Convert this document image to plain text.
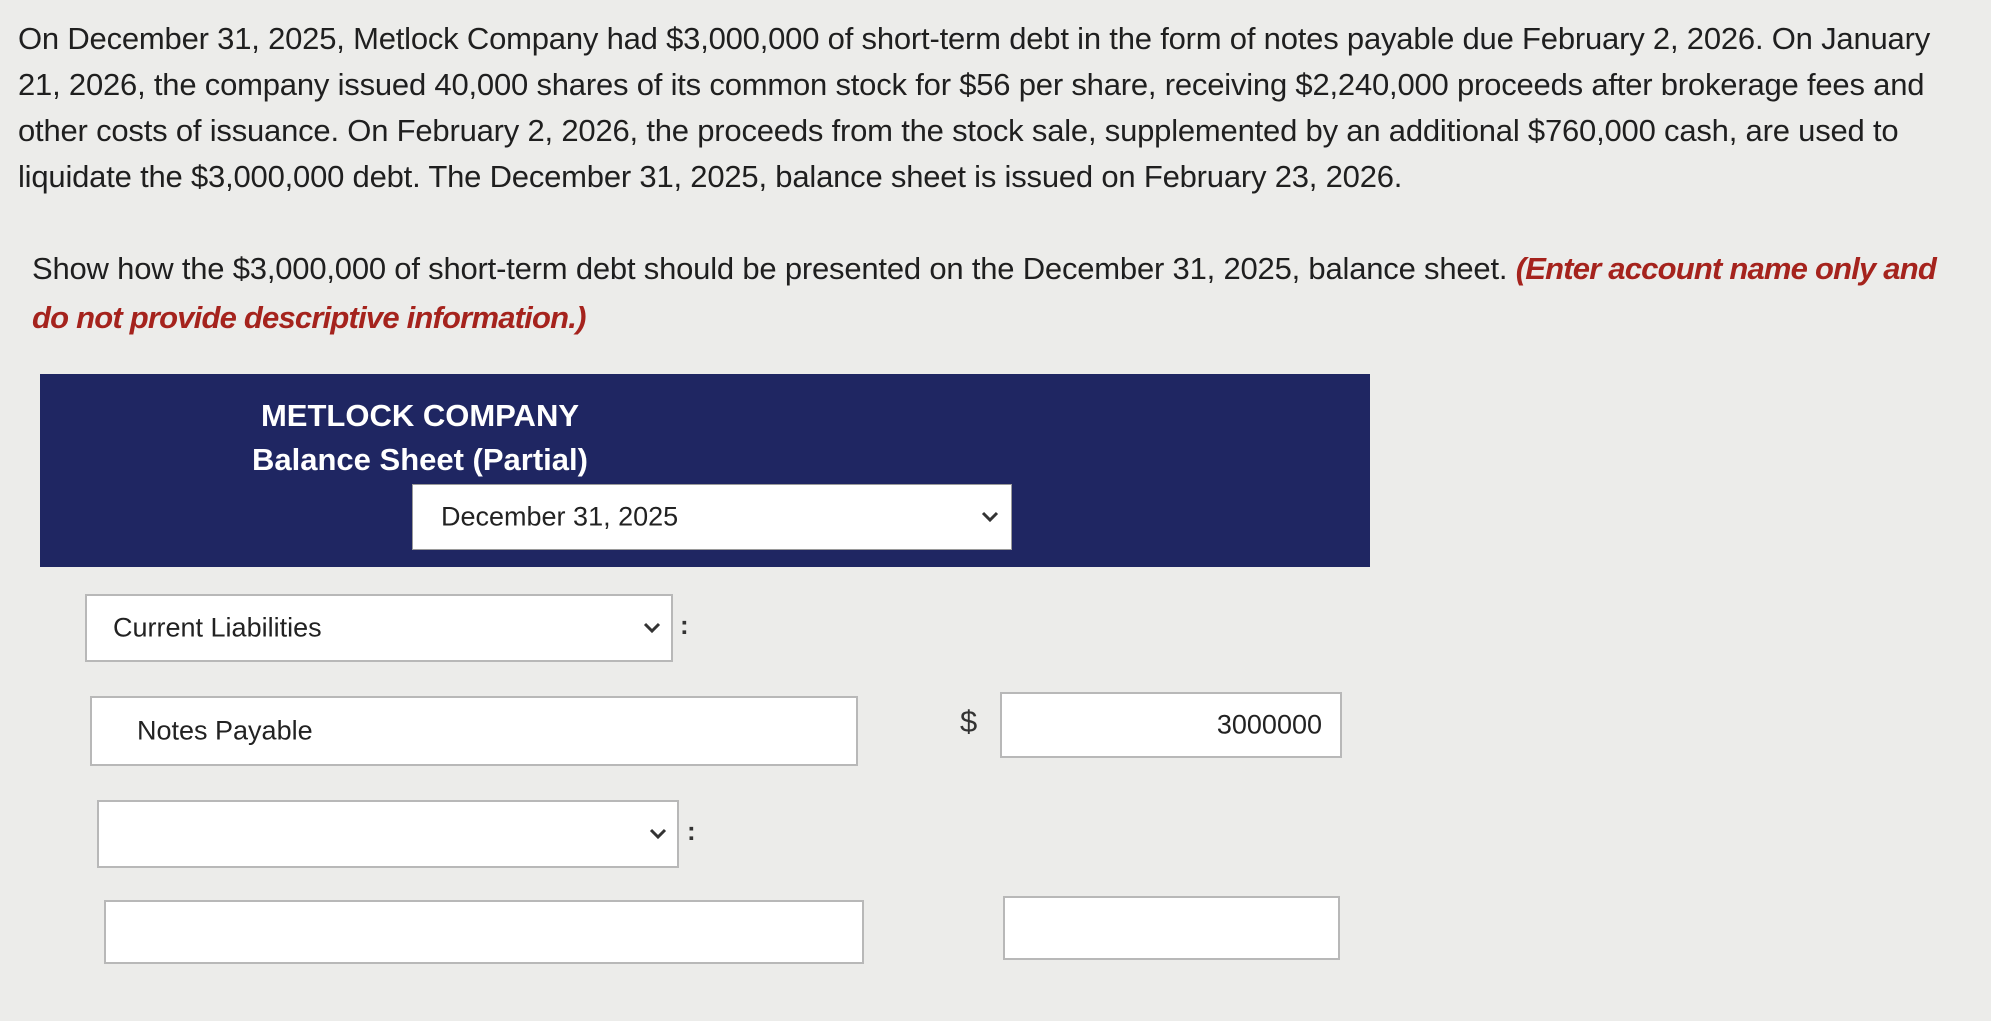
On December 31, 2025, Metlock Company had $3,000,000 of short-term debt in the form of notes payable due February 2, 2026. On January 21, 2026, the company issued 40,000 shares of its common stock for $56 per share, receiving $2,240,000 proceeds after brokerage fees and other costs of issuance. On February 2, 2026, the proceeds from the stock sale, supplemented by an additional $760,000 cash, are used to liquidate the $3,000,000 debt. The December 31, 2025, balance sheet is issued on February 23, 2026.

Show how the $3,000,000 of short-term debt should be presented on the December 31, 2025, balance sheet. (Enter account name only and do not provide descriptive information.)

METLOCK COMPANY
Balance Sheet (Partial)
December 31, 2025
Current Liabilities	:
Notes Payable	$	3000000
:
